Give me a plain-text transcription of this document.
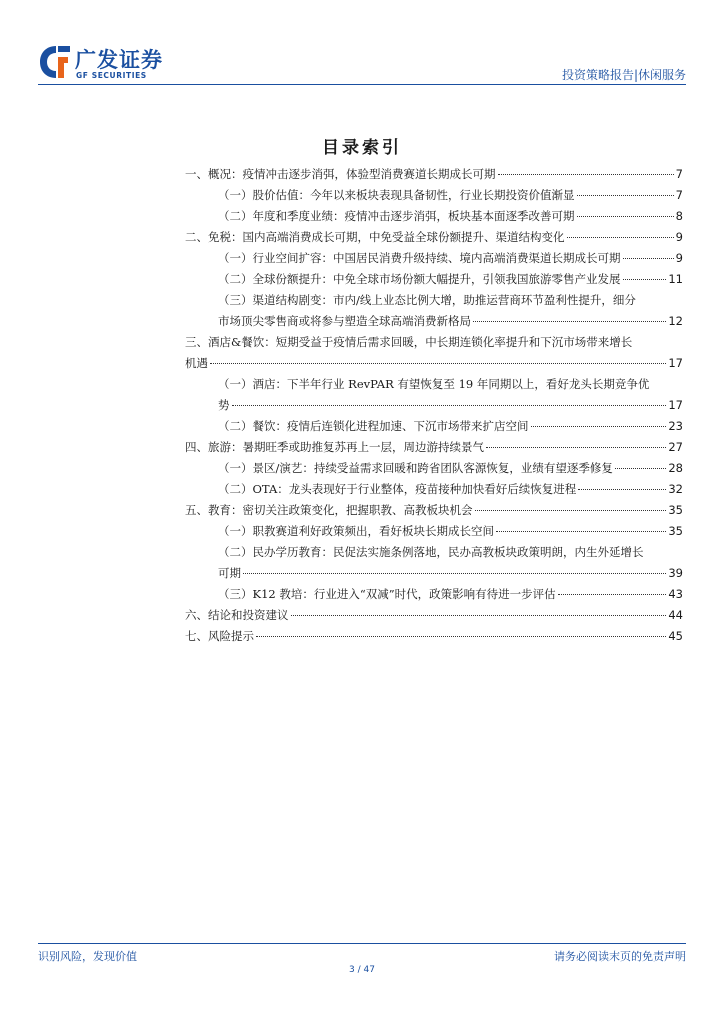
广发证券
GF SECURITIES	投资策略报告|休闲服务
目录索引
一、概况：疫情冲击逐步消弭，体验型消费赛道长期成长可期	7
（一）股价估值：今年以来板块表现具备韧性，行业长期投资价值渐显	7
（二）年度和季度业绩：疫情冲击逐步消弭，板块基本面逐季改善可期	8
二、免税：国内高端消费成长可期，中免受益全球份额提升、渠道结构变化	9
（一）行业空间扩容：中国居民消费升级持续、境内高端消费渠道长期成长可期	9
（二）全球份额提升：中免全球市场份额大幅提升，引领我国旅游零售产业发展	11
（三）渠道结构剧变：市内/线上业态比例大增，助推运营商环节盈利性提升，细分
市场顶尖零售商或将参与塑造全球高端消费新格局	12
三、酒店&餐饮：短期受益于疫情后需求回暖，中长期连锁化率提升和下沉市场带来增长
机遇	17
（一）酒店：下半年行业 RevPAR 有望恢复至 19 年同期以上，看好龙头长期竞争优
势	17
（二）餐饮：疫情后连锁化进程加速、下沉市场带来扩店空间	23
四、旅游：暑期旺季或助推复苏再上一层，周边游持续景气	27
（一）景区/演艺：持续受益需求回暖和跨省团队客源恢复，业绩有望逐季修复	28
（二）OTA：龙头表现好于行业整体，疫苗接种加快看好后续恢复进程	32
五、教育：密切关注政策变化，把握职教、高教板块机会	35
（一）职教赛道利好政策频出，看好板块长期成长空间	35
（二）民办学历教育：民促法实施条例落地，民办高教板块政策明朗，内生外延增长
可期	39
（三）K12 教培：行业进入“双减”时代，政策影响有待进一步评估	43
六、结论和投资建议	44
七、风险提示	45
识别风险，发现价值	请务必阅读末页的免责声明
3 / 47
